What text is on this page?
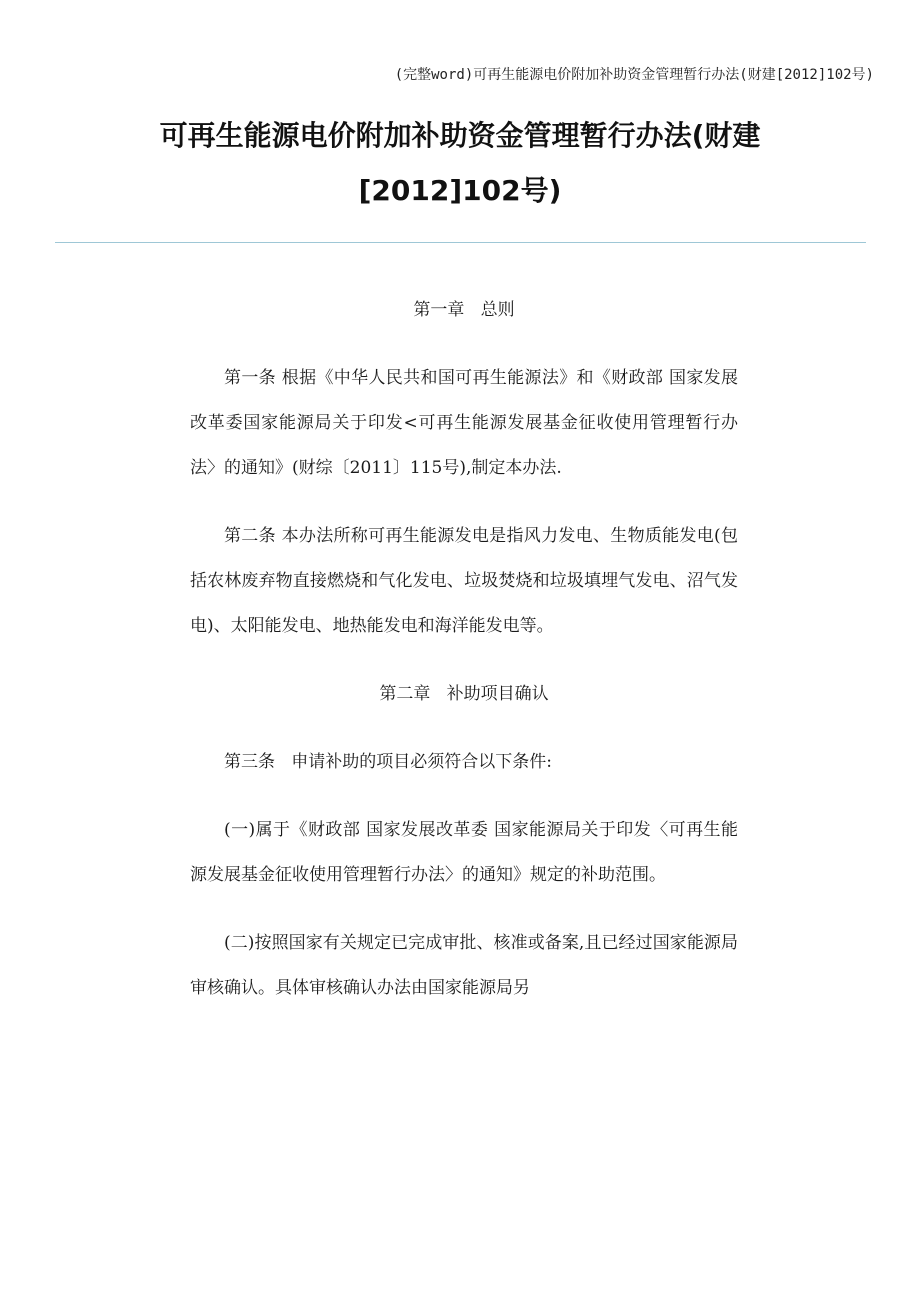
(完整word)可再生能源电价附加补助资金管理暂行办法(财建[2012]102号)
可再生能源电价附加补助资金管理暂行办法(财建
[2012]102号)

第一章   总则

第一条 根据《中华人民共和国可再生能源法》和《财政部 国家发展改革委国家能源局关于印发<可再生能源发展基金征收使用管理暂行办法〉的通知》(财综〔2011〕115号),制定本办法.

第二条 本办法所称可再生能源发电是指风力发电、生物质能发电(包括农林废弃物直接燃烧和气化发电、垃圾焚烧和垃圾填埋气发电、沼气发电)、太阳能发电、地热能发电和海洋能发电等。

第二章   补助项目确认

第三条   申请补助的项目必须符合以下条件:

(一)属于《财政部 国家发展改革委 国家能源局关于印发〈可再生能源发展基金征收使用管理暂行办法〉的通知》规定的补助范围。

(二)按照国家有关规定已完成审批、核准或备案,且已经过国家能源局审核确认。具体审核确认办法由国家能源局另
